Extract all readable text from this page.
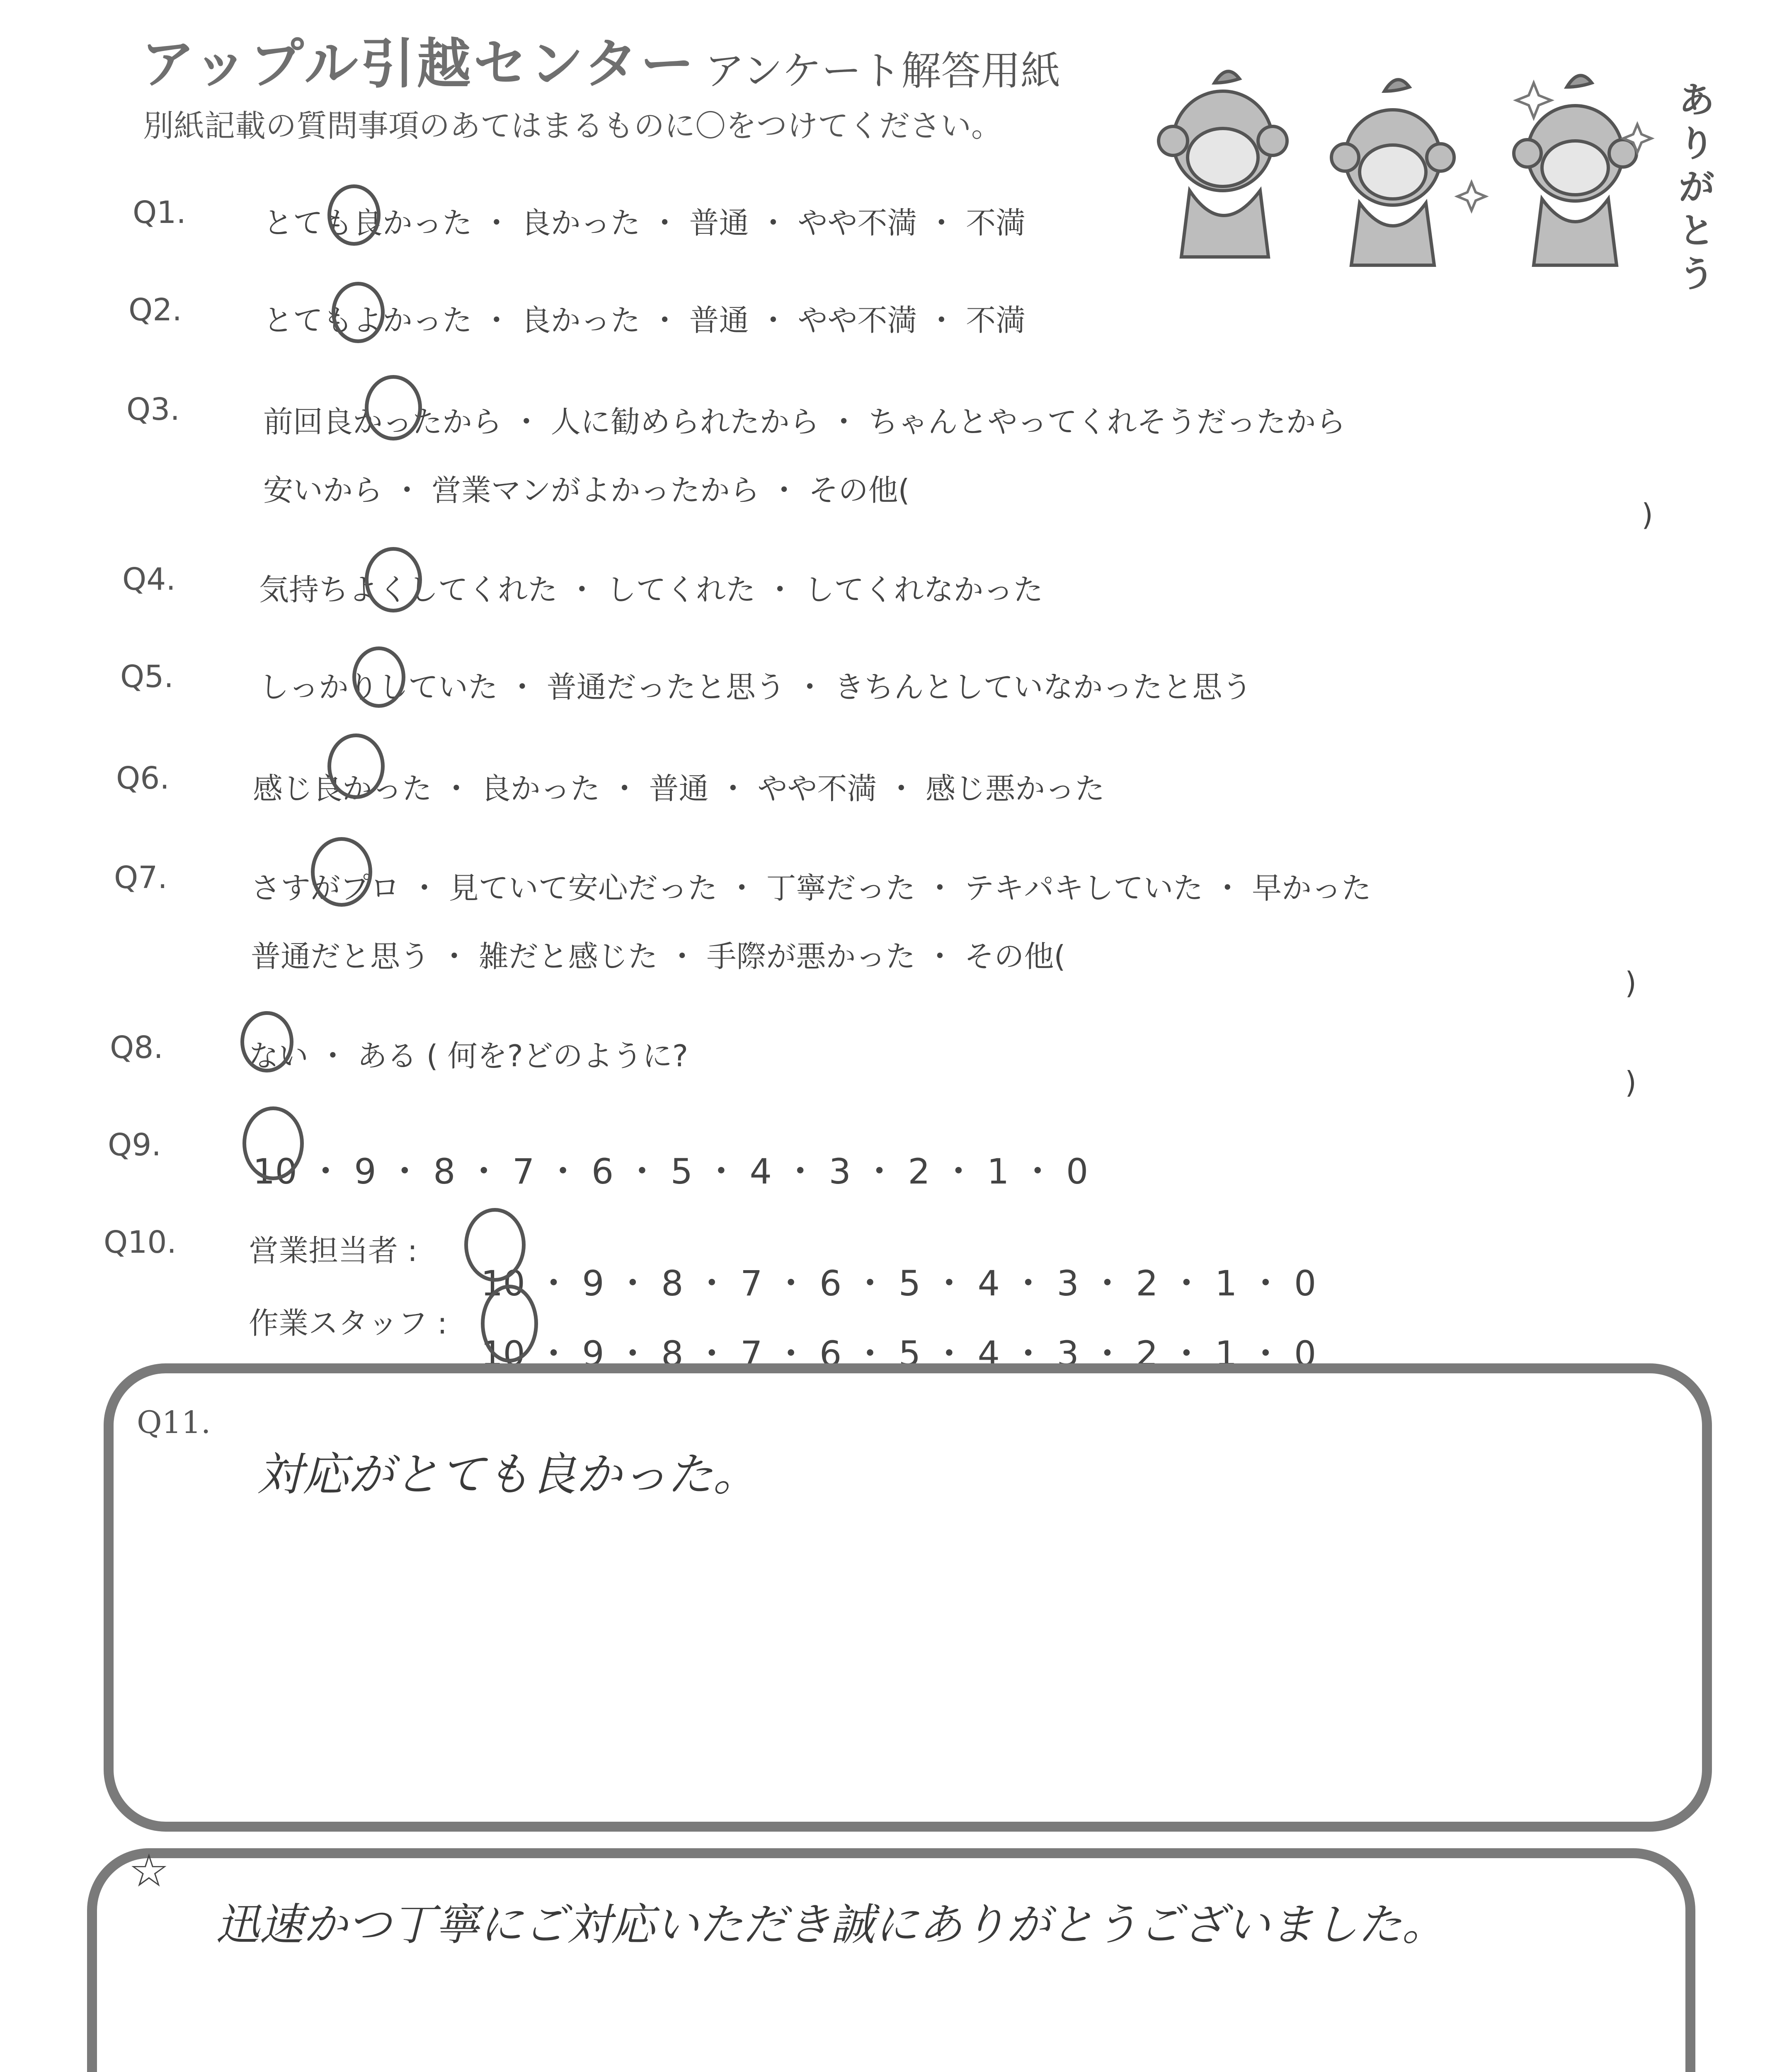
アップル引越センター アンケート解答用紙
別紙記載の質問事項のあてはまるものに〇をつけてください。
ありがとう
Q1.	とても良かった ・ 良かった ・ 普通 ・ やや不満 ・ 不満
Q2.	とてもよかった ・ 良かった ・ 普通 ・ やや不満 ・ 不満
Q3.	前回良かったから ・ 人に勧められたから ・ ちゃんとやってくれそうだったから
安いから ・ 営業マンがよかったから ・ その他(
)
Q4.	気持ちよくしてくれた ・ してくれた ・ してくれなかった
Q5.	しっかりしていた ・ 普通だったと思う ・ きちんとしていなかったと思う
Q6.	感じ良かった ・ 良かった ・ 普通 ・ やや不満 ・ 感じ悪かった
Q7.	さすがプロ ・ 見ていて安心だった ・ 丁寧だった ・ テキパキしていた ・ 早かった
普通だと思う ・ 雑だと感じた ・ 手際が悪かった ・ その他(
)
Q8.	ない ・ ある ( 何を?どのように?
)
Q9.
10 ・ 9 ・ 8 ・ 7 ・ 6 ・ 5 ・ 4 ・ 3 ・ 2 ・ 1 ・ 0
Q10. 営業担当者 :
10 ・ 9 ・ 8 ・ 7 ・ 6 ・ 5 ・ 4 ・ 3 ・ 2 ・ 1 ・ 0
作業スタッフ :
10 ・ 9 ・ 8 ・ 7 ・ 6 ・ 5 ・ 4 ・ 3 ・ 2 ・ 1 ・ 0
Q11.
対応がとても良かった。
☆
迅速かつ丁寧にご対応いただき誠にありがとうございました。
